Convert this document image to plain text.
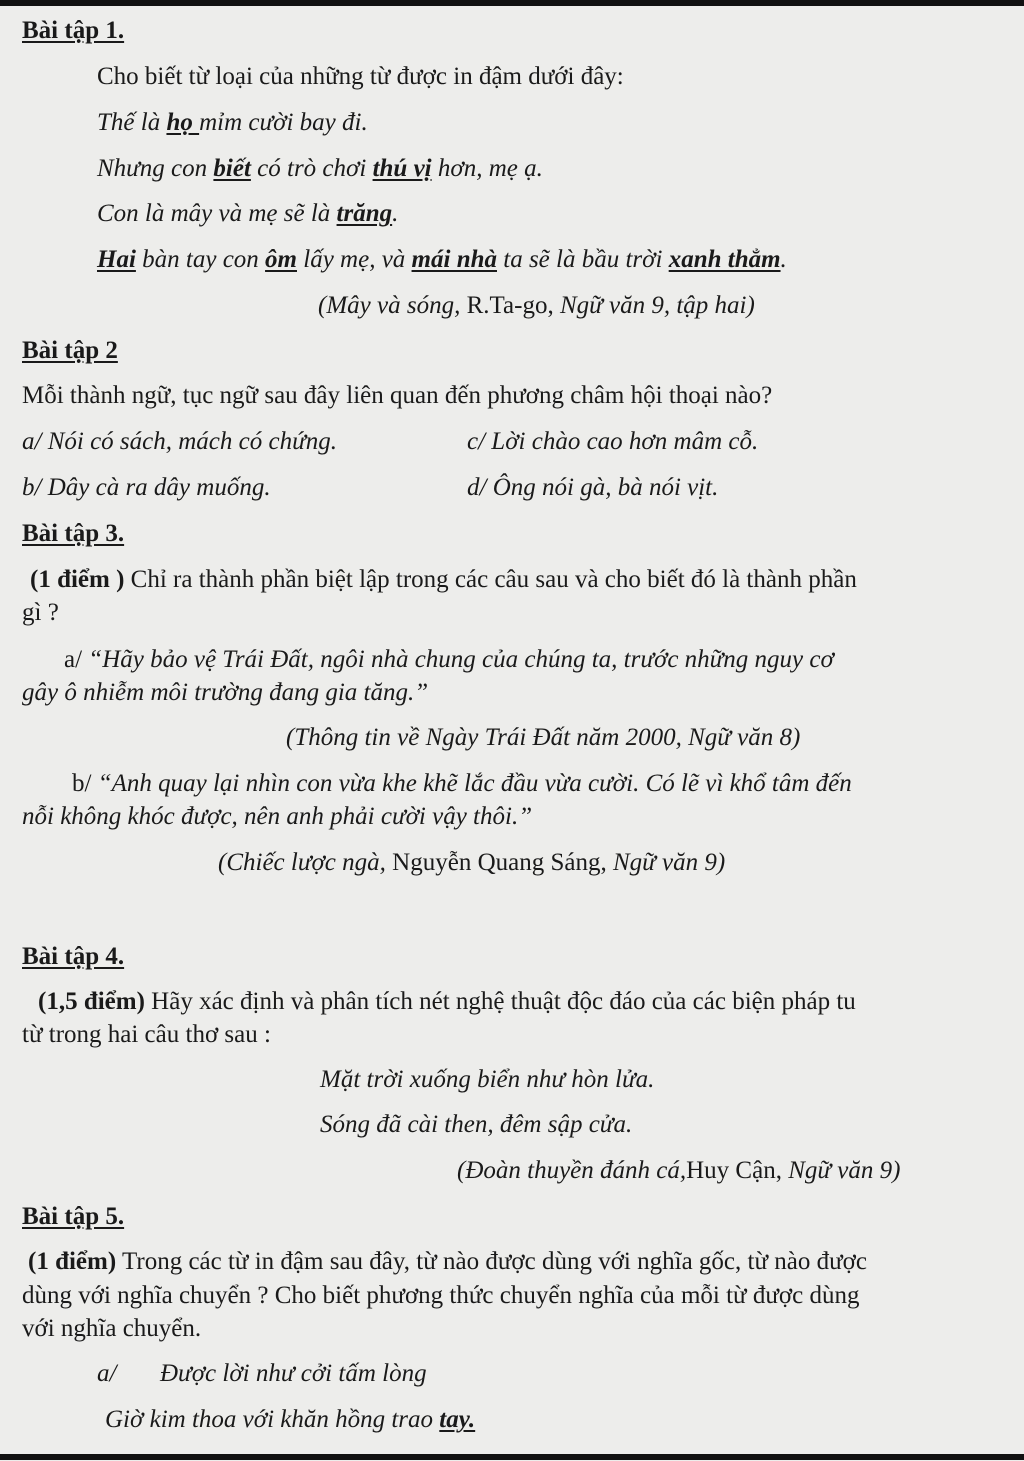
Bài tập 1.
Cho biết từ loại của những từ được in đậm dưới đây:
Thế là họ mỉm cười bay đi.
Nhưng con biết có trò chơi thú vị hơn, mẹ ạ.
Con là mây và mẹ sẽ là trăng.
Hai bàn tay con ôm lấy mẹ, và mái nhà ta sẽ là bầu trời xanh thẳm.
(Mây và sóng, R.Ta-go, Ngữ văn 9, tập hai)
Bài tập 2
Mỗi thành ngữ, tục ngữ sau đây liên quan đến phương châm hội thoại nào?
a/ Nói có sách, mách có chứng.	c/ Lời chào cao hơn mâm cỗ.
b/ Dây cà ra dây muống.	d/ Ông nói gà, bà nói vịt.
Bài tập 3.
(1 điểm ) Chỉ ra thành phần biệt lập trong các câu sau và cho biết đó là thành phần
gì ?
a/ “Hãy bảo vệ Trái Đất, ngôi nhà chung của chúng ta, trước những nguy cơ
gây ô nhiễm môi trường đang gia tăng.”
(Thông tin về Ngày Trái Đất năm 2000, Ngữ văn 8)
b/ “Anh quay lại nhìn con vừa khe khẽ lắc đầu vừa cười. Có lẽ vì khổ tâm đến
nỗi không khóc được, nên anh phải cười vậy thôi.”
(Chiếc lược ngà, Nguyễn Quang Sáng, Ngữ văn 9)
Bài tập 4.
(1,5 điểm) Hãy xác định và phân tích nét nghệ thuật độc đáo của các biện pháp tu
từ trong hai câu thơ sau :
Mặt trời xuống biển như hòn lửa.
Sóng đã cài then, đêm sập cửa.
(Đoàn thuyền đánh cá,Huy Cận, Ngữ văn 9)
Bài tập 5.
(1 điểm) Trong các từ in đậm sau đây, từ nào được dùng với nghĩa gốc, từ nào được
dùng với nghĩa chuyển ? Cho biết phương thức chuyển nghĩa của mỗi từ được dùng
với nghĩa chuyển.
a/ Được lời như cởi tấm lòng
Giờ kim thoa với khăn hồng trao tay.
